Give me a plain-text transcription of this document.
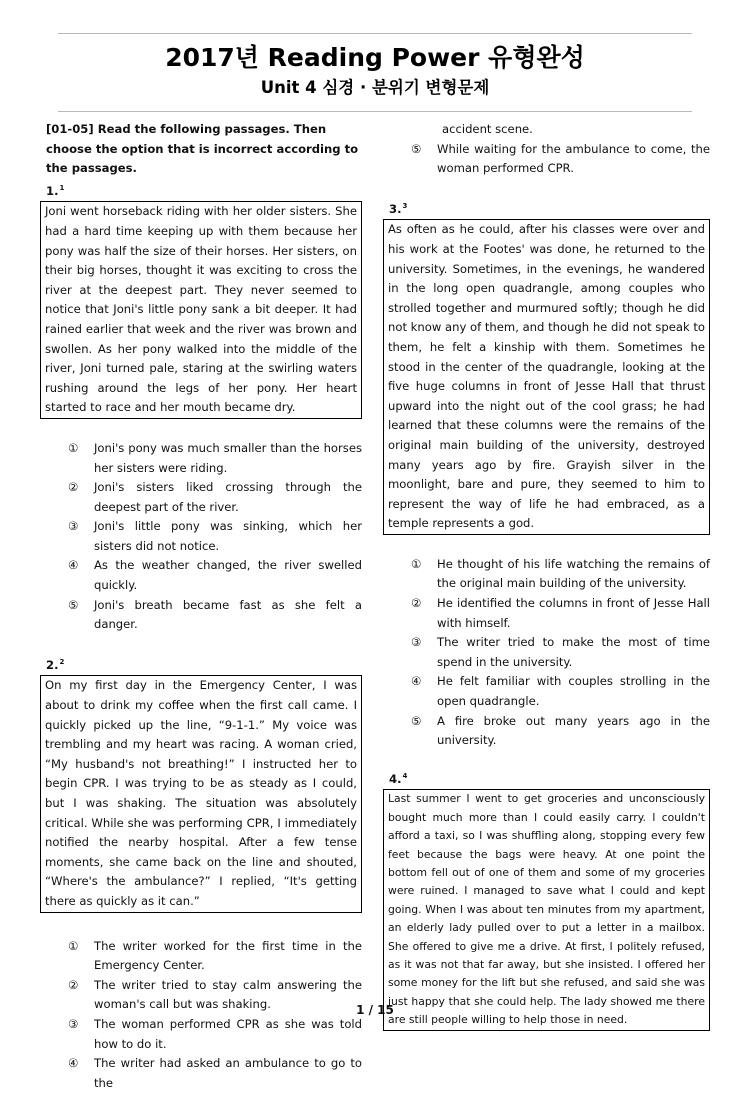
2017년 Reading Power 유형완성
Unit 4 심경 · 분위기 변형문제
[01-05] Read the following passages. Then choose the option that is incorrect according to the passages.
1.$^1$
Joni went horseback riding with her older sisters. She had a hard time keeping up with them because her pony was half the size of their horses. Her sisters, on their big horses, thought it was exciting to cross the river at the deepest part. They never seemed to notice that Joni's little pony sank a bit deeper. It had rained earlier that week and the river was brown and swollen. As her pony walked into the middle of the river, Joni turned pale, staring at the swirling waters rushing around the legs of her pony. Her heart started to race and her mouth became dry.
①	Joni's pony was much smaller than the horses her sisters were riding.
②	Joni's sisters liked crossing through the deepest part of the river.
③	Joni's little pony was sinking, which her sisters did not notice.
④	As the weather changed, the river swelled quickly.
⑤	Joni's breath became fast as she felt a danger.
2.$^2$
On my first day in the Emergency Center, I was about to drink my coffee when the first call came. I quickly picked up the line, “9-1-1.” My voice was trembling and my heart was racing. A woman cried, “My husband's not breathing!” I instructed her to begin CPR. I was trying to be as steady as I could, but I was shaking. The situation was absolutely critical. While she was performing CPR, I immediately notified the nearby hospital. After a few tense moments, she came back on the line and shouted, “Where's the ambulance?” I replied, “It's getting there as quickly as it can.”
①	The writer worked for the first time in the Emergency Center.
②	The writer tried to stay calm answering the woman's call but was shaking.
③	The woman performed CPR as she was told how to do it.
④	The writer had asked an ambulance to go to the
accident scene.
⑤	While waiting for the ambulance to come, the woman performed CPR.
3.$^3$
As often as he could, after his classes were over and his work at the Footes' was done, he returned to the university. Sometimes, in the evenings, he wandered in the long open quadrangle, among couples who strolled together and murmured softly; though he did not know any of them, and though he did not speak to them, he felt a kinship with them. Sometimes he stood in the center of the quadrangle, looking at the five huge columns in front of Jesse Hall that thrust upward into the night out of the cool grass; he had learned that these columns were the remains of the original main building of the university, destroyed many years ago by fire. Grayish silver in the moonlight, bare and pure, they seemed to him to represent the way of life he had embraced, as a temple represents a god.
①	He thought of his life watching the remains of the original main building of the university.
②	He identified the columns in front of Jesse Hall with himself.
③	The writer tried to make the most of time spend in the university.
④	He felt familiar with couples strolling in the open quadrangle.
⑤	A fire broke out many years ago in the university.
4.$^4$
Last summer I went to get groceries and unconsciously bought much more than I could easily carry. I couldn't afford a taxi, so I was shuffling along, stopping every few feet because the bags were heavy. At one point the bottom fell out of one of them and some of my groceries were ruined. I managed to save what I could and kept going. When I was about ten minutes from my apartment, an elderly lady pulled over to put a letter in a mailbox. She offered to give me a drive. At first, I politely refused, as it was not that far away, but she insisted. I offered her some money for the lift but she refused, and said she was just happy that she could help. The lady showed me there are still people willing to help those in need.
1 / 15
